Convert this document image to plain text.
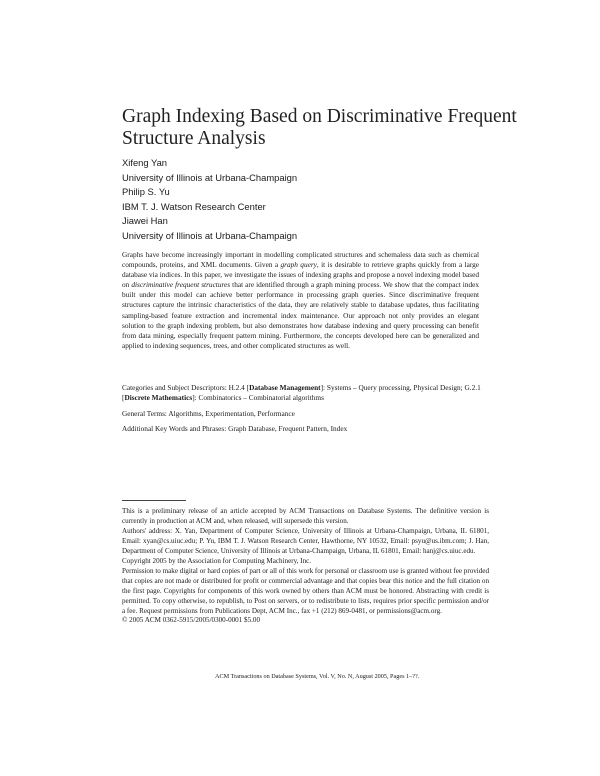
Graph Indexing Based on Discriminative Frequent Structure Analysis
Xifeng Yan
University of Illinois at Urbana-Champaign
Philip S. Yu
IBM T. J. Watson Research Center
Jiawei Han
University of Illinois at Urbana-Champaign

Graphs have become increasingly important in modelling complicated structures and schemaless data such as chemical compounds, proteins, and XML documents. Given a graph query, it is desirable to retrieve graphs quickly from a large database via indices. In this paper, we investigate the issues of indexing graphs and propose a novel indexing model based on discriminative frequent structures that are identified through a graph mining process. We show that the compact index built under this model can achieve better performance in processing graph queries. Since discriminative frequent structures capture the intrinsic characteristics of the data, they are relatively stable to database updates, thus facilitating sampling-based feature extraction and incremental index maintenance. Our approach not only provides an elegant solution to the graph indexing problem, but also demonstrates how database indexing and query processing can benefit from data mining, especially frequent pattern mining. Furthermore, the concepts developed here can be generalized and applied to indexing sequences, trees, and other complicated structures as well.

Categories and Subject Descriptors: H.2.4 [Database Management]: Systems – Query processing, Physical Design; G.2.1 [Discrete Mathematics]: Combinatorics – Combinatorial algorithms

General Terms: Algorithms, Experimentation, Performance

Additional Key Words and Phrases: Graph Database, Frequent Pattern, Index

This is a preliminary release of an article accepted by ACM Transactions on Database Systems. The definitive version is currently in production at ACM and, when released, will supersede this version.

Authors' address: X. Yan, Department of Computer Science, University of Illinois at Urbana-Champaign, Urbana, IL 61801, Email: xyan@cs.uiuc.edu; P. Yu, IBM T. J. Watson Research Center, Hawthorne, NY 10532, Email: psyu@us.ibm.com; J. Han, Department of Computer Science, University of Illinois at Urbana-Champaign, Urbana, IL 61801, Email: hanj@cs.uiuc.edu.

Copyright 2005 by the Association for Computing Machinery, Inc.

Permission to make digital or hard copies of part or all of this work for personal or classroom use is granted without fee provided that copies are not made or distributed for profit or commercial advantage and that copies bear this notice and the full citation on the first page. Copyrights for components of this work owned by others than ACM must be honored. Abstracting with credit is permitted. To copy otherwise, to republish, to Post on servers, or to redistribute to lists, requires prior specific permission and/or a fee. Request permissions from Publications Dept, ACM Inc., fax +1 (212) 869-0481, or permissions@acm.org.

© 2005 ACM 0362-5915/2005/0300-0001 $5.00

ACM Transactions on Database Systems, Vol. V, No. N, August 2005, Pages 1–??.
